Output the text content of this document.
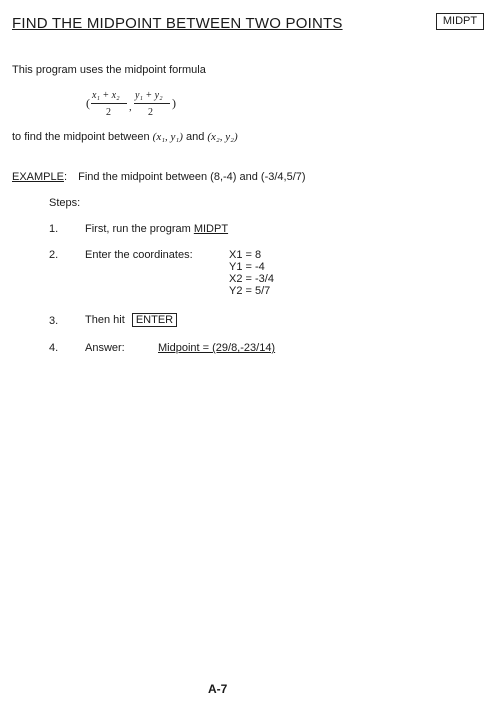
FIND THE MIDPOINT BETWEEN TWO POINTS	MIDPT
This program uses the midpoint formula
(
x₁ + x₂
2 ,
y₁ + y₂
2
)
to find the midpoint between (x₁, y₁) and (x₂, y₂)
EXAMPLE: Find the midpoint between (8,-4) and (-3/4,5/7)
Steps:
1. First, run the program MIDPT
2. Enter the coordinates:	X1 = 8
Y1 = -4
X2 = -3/4
Y2 = 5/7
3. Then hit ENTER
4. Answer:	Midpoint = (29/8,-23/14)
A-7
